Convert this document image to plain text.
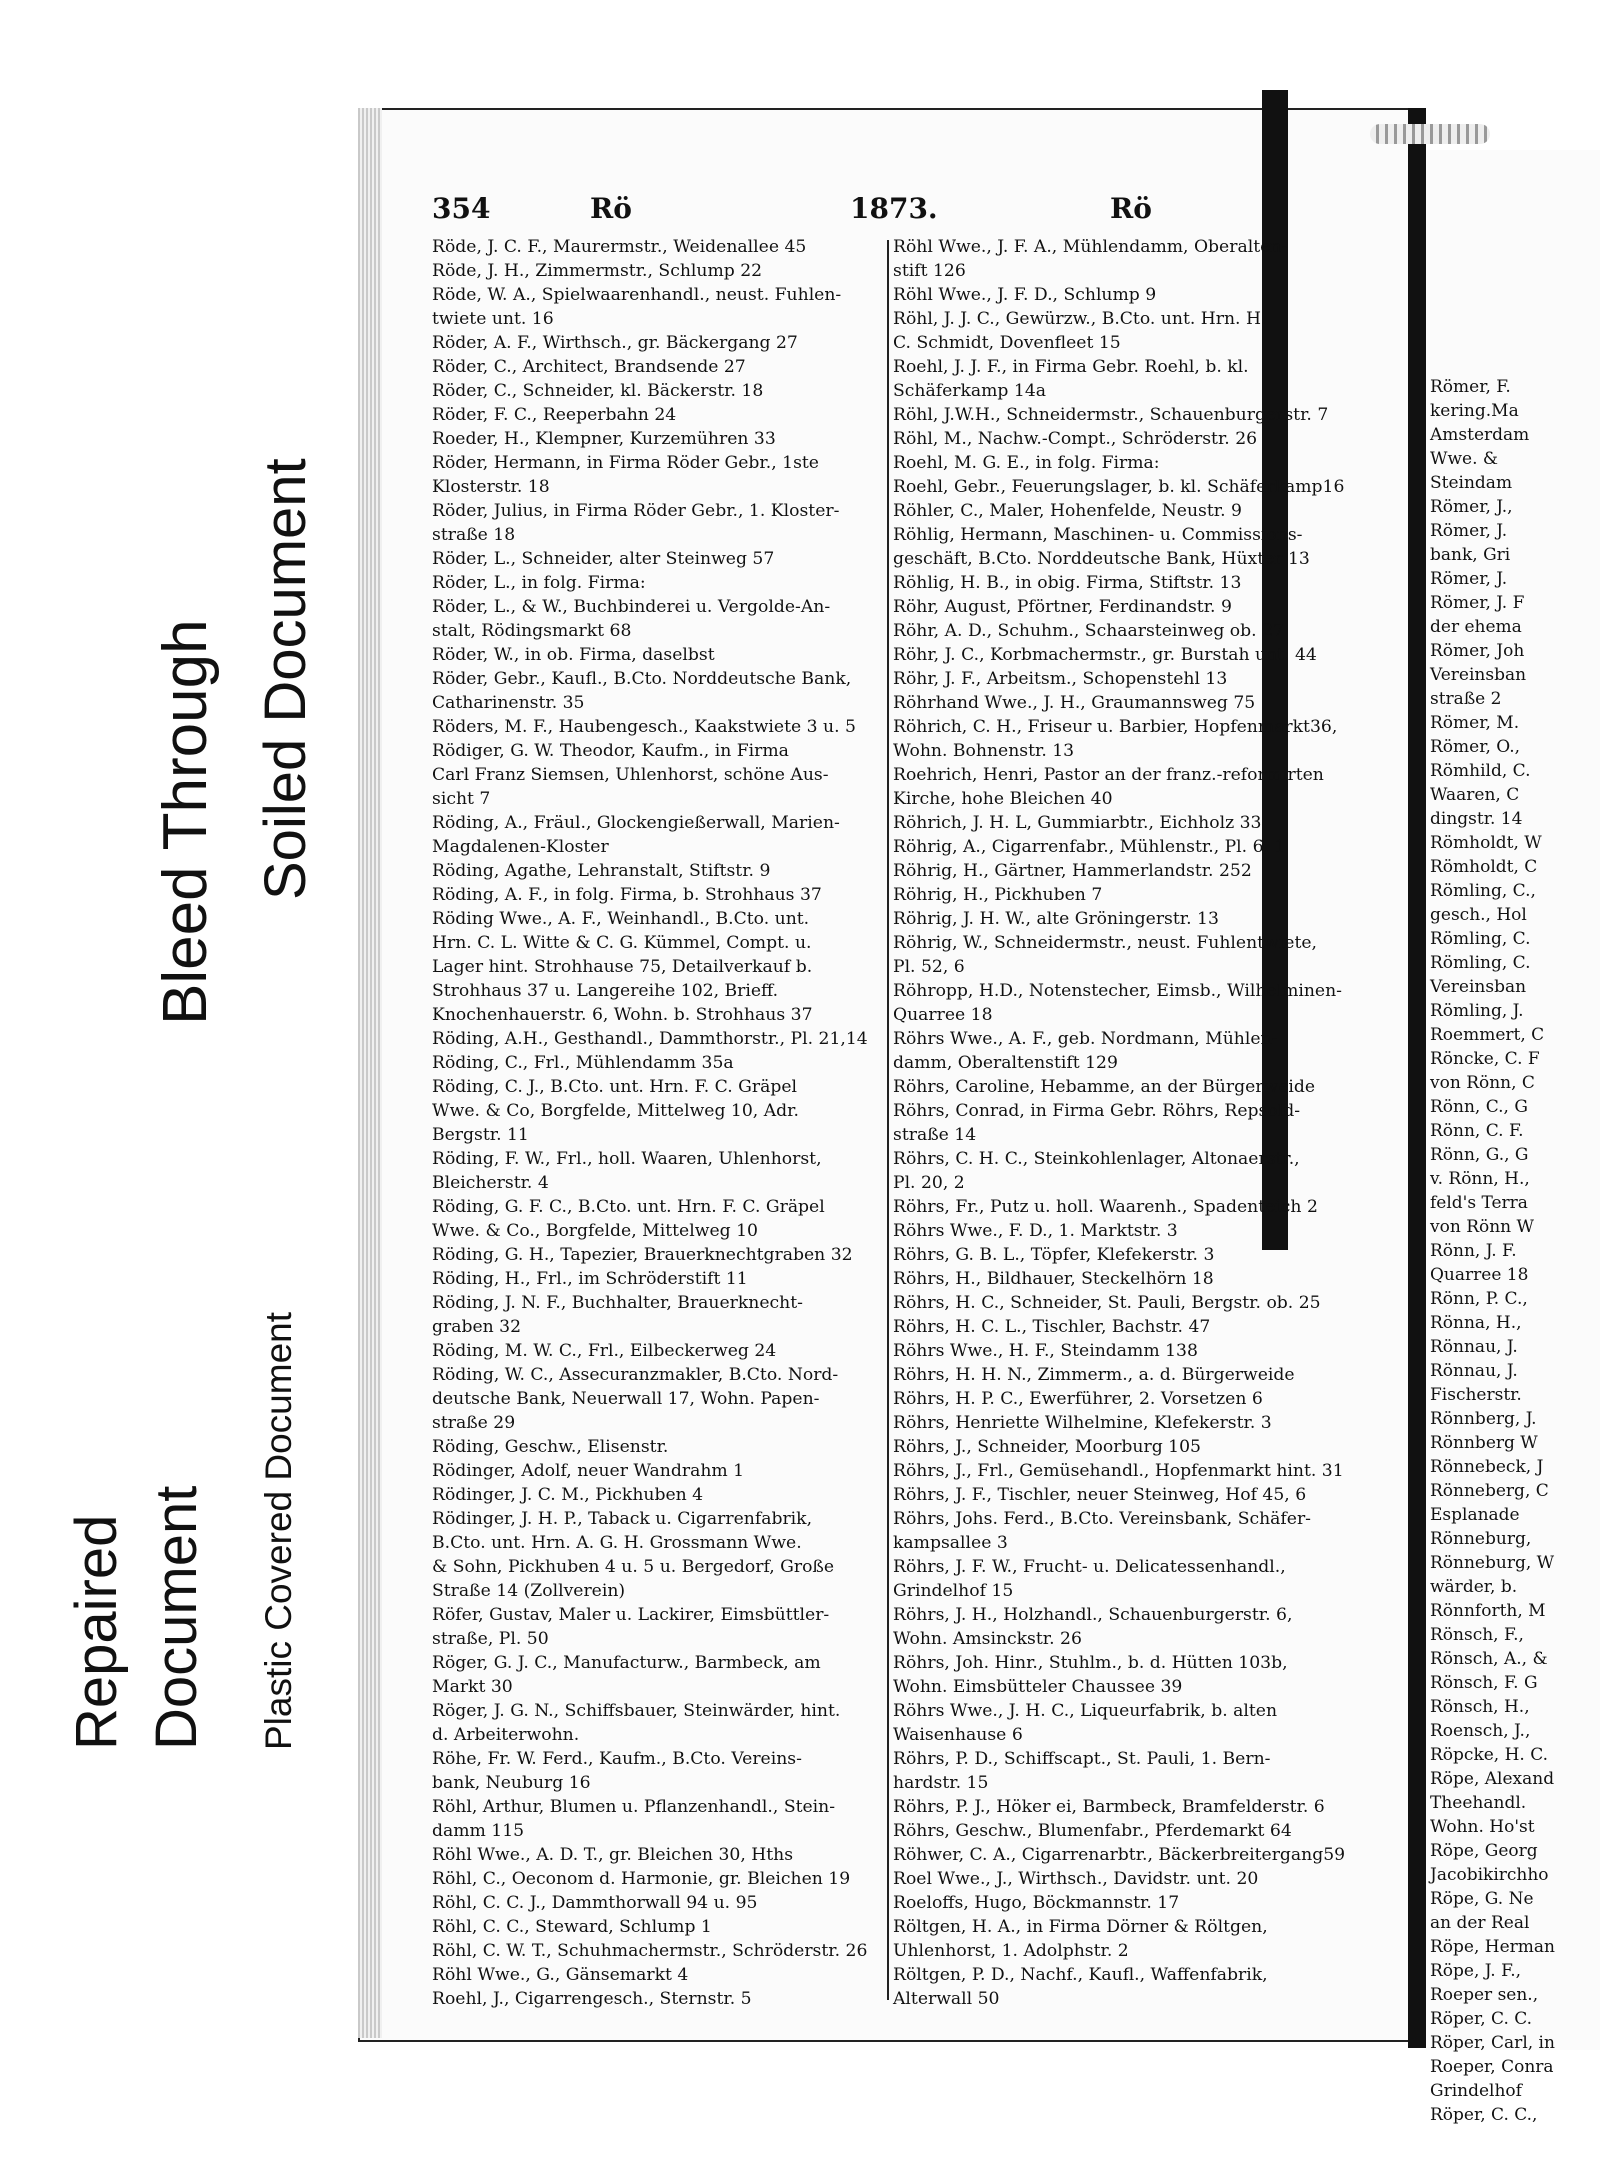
Römer, F.
kering.Ma
Amsterdam
Wwe. &
Steindam
Römer, J.,
Römer, J.
bank, Gri
Römer, J.
Römer, J. F
der ehema
Römer, Joh
Vereinsban
straße 2
Römer, M.
Römer, O.,
Römhild, C.
Waaren, C
dingstr. 14
Römholdt, W
Römholdt, C
Römling, C.,
gesch., Hol
Römling, C.
Römling, C.
Vereinsban
Römling, J.
Roemmert, C
Röncke, C. F
von Rönn, C
Rönn, C., G
Rönn, C. F.
Rönn, G., G
v. Rönn, H.,
feld's Terra
von Rönn W
Rönn, J. F.
Quarree 18
Rönn, P. C.,
Rönna, H.,
Rönnau, J.
Rönnau, J.
Fischerstr.
Rönnberg, J.
Rönnberg W
Rönnebeck, J
Rönneberg, C
Esplanade
Rönneburg,
Rönneburg, W
wärder, b.
Rönnforth, M
Rönsch, F.,
Rönsch, A., &
Rönsch, F. G
Rönsch, H.,
Roensch, J.,
Röpcke, H. C.
Röpe, Alexand
Theehandl.
Wohn. Ho'st
Röpe, Georg
Jacobikirchho
Röpe, G. Ne
an der Real
Röpe, Herman
Röpe, J. F.,
Roeper sen.,
Röper, C. C.
Röper, Carl, in
Roeper, Conra
Grindelhof
Röper, C. C.,
354	Rö	1873.	Rö
Röde, J. C. F., Maurermstr., Weidenallee 45
Röde, J. H., Zimmermstr., Schlump 22
Röde, W. A., Spielwaarenhandl., neust. Fuhlen-
twiete unt. 16
Röder, A. F., Wirthsch., gr. Bäckergang 27
Röder, C., Architect, Brandsende 27
Röder, C., Schneider, kl. Bäckerstr. 18
Röder, F. C., Reeperbahn 24
Roeder, H., Klempner, Kurzemühren 33
Röder, Hermann, in Firma Röder Gebr., 1ste
Klosterstr. 18
Röder, Julius, in Firma Röder Gebr., 1. Kloster-
straße 18
Röder, L., Schneider, alter Steinweg 57
Röder, L., in folg. Firma:
Röder, L., & W., Buchbinderei u. Vergolde-An-
stalt, Rödingsmarkt 68
Röder, W., in ob. Firma, daselbst
Röder, Gebr., Kaufl., B.Cto. Norddeutsche Bank,
Catharinenstr. 35
Röders, M. F., Haubengesch., Kaakstwiete 3 u. 5
Rödiger, G. W. Theodor, Kaufm., in Firma
Carl Franz Siemsen, Uhlenhorst, schöne Aus-
sicht 7
Röding, A., Fräul., Glockengießerwall, Marien-
Magdalenen-Kloster
Röding, Agathe, Lehranstalt, Stiftstr. 9
Röding, A. F., in folg. Firma, b. Strohhaus 37
Röding Wwe., A. F., Weinhandl., B.Cto. unt.
Hrn. C. L. Witte & C. G. Kümmel, Compt. u.
Lager hint. Strohhause 75, Detailverkauf b.
Strohhaus 37 u. Langereihe 102, Brieff.
Knochenhauerstr. 6, Wohn. b. Strohhaus 37
Röding, A.H., Gesthandl., Dammthorstr., Pl. 21,14
Röding, C., Frl., Mühlendamm 35a
Röding, C. J., B.Cto. unt. Hrn. F. C. Gräpel
Wwe. & Co, Borgfelde, Mittelweg 10, Adr.
Bergstr. 11
Röding, F. W., Frl., holl. Waaren, Uhlenhorst,
Bleicherstr. 4
Röding, G. F. C., B.Cto. unt. Hrn. F. C. Gräpel
Wwe. & Co., Borgfelde, Mittelweg 10
Röding, G. H., Tapezier, Brauerknechtgraben 32
Röding, H., Frl., im Schröderstift 11
Röding, J. N. F., Buchhalter, Brauerknecht-
graben 32
Röding, M. W. C., Frl., Eilbeckerweg 24
Röding, W. C., Assecuranzmakler, B.Cto. Nord-
deutsche Bank, Neuerwall 17, Wohn. Papen-
straße 29
Röding, Geschw., Elisenstr.
Rödinger, Adolf, neuer Wandrahm 1
Rödinger, J. C. M., Pickhuben 4
Rödinger, J. H. P., Taback u. Cigarrenfabrik,
B.Cto. unt. Hrn. A. G. H. Grossmann Wwe.
& Sohn, Pickhuben 4 u. 5 u. Bergedorf, Große
Straße 14 (Zollverein)
Röfer, Gustav, Maler u. Lackirer, Eimsbüttler-
straße, Pl. 50
Röger, G. J. C., Manufacturw., Barmbeck, am
Markt 30
Röger, J. G. N., Schiffsbauer, Steinwärder, hint.
d. Arbeiterwohn.
Röhe, Fr. W. Ferd., Kaufm., B.Cto. Vereins-
bank, Neuburg 16
Röhl, Arthur, Blumen u. Pflanzenhandl., Stein-
damm 115
Röhl Wwe., A. D. T., gr. Bleichen 30, Hths
Röhl, C., Oeconom d. Harmonie, gr. Bleichen 19
Röhl, C. C. J., Dammthorwall 94 u. 95
Röhl, C. C., Steward, Schlump 1
Röhl, C. W. T., Schuhmachermstr., Schröderstr. 26
Röhl Wwe., G., Gänsemarkt 4
Roehl, J., Cigarrengesch., Sternstr. 5
Röhl Wwe., J. F. A., Mühlendamm, Oberalten-
stift 126
Röhl Wwe., J. F. D., Schlump 9
Röhl, J. J. C., Gewürzw., B.Cto. unt. Hrn. H.
C. Schmidt, Dovenfleet 15
Roehl, J. J. F., in Firma Gebr. Roehl, b. kl.
Schäferkamp 14a
Röhl, J.W.H., Schneidermstr., Schauenburgerstr. 7
Röhl, M., Nachw.-Compt., Schröderstr. 26
Roehl, M. G. E., in folg. Firma:
Roehl, Gebr., Feuerungslager, b. kl. Schäferkamp16
Röhler, C., Maler, Hohenfelde, Neustr. 9
Röhlig, Hermann, Maschinen- u. Commissions-
geschäft, B.Cto. Norddeutsche Bank, Hüxter 13
Röhlig, H. B., in obig. Firma, Stiftstr. 13
Röhr, August, Pförtner, Ferdinandstr. 9
Röhr, A. D., Schuhm., Schaarsteinweg ob. 27
Röhr, J. C., Korbmachermstr., gr. Burstah unt. 44
Röhr, J. F., Arbeitsm., Schopenstehl 13
Röhrhand Wwe., J. H., Graumannsweg 75
Röhrich, C. H., Friseur u. Barbier, Hopfenmarkt36,
Wohn. Bohnenstr. 13
Roehrich, Henri, Pastor an der franz.-reformirten
Kirche, hohe Bleichen 40
Röhrich, J. H. L, Gummiarbtr., Eichholz 33
Röhrig, A., Cigarrenfabr., Mühlenstr., Pl. 6, 1
Röhrig, H., Gärtner, Hammerlandstr. 252
Röhrig, H., Pickhuben 7
Röhrig, J. H. W., alte Gröningerstr. 13
Röhrig, W., Schneidermstr., neust. Fuhlentwiete,
Pl. 52, 6
Röhropp, H.D., Notenstecher, Eimsb., Wilhelminen-
Quarree 18
Röhrs Wwe., A. F., geb. Nordmann, Mühlen-
damm, Oberaltenstift 129
Röhrs, Caroline, Hebamme, an der Bürgerweide
Röhrs, Conrad, in Firma Gebr. Röhrs, Repsold-
straße 14
Röhrs, C. H. C., Steinkohlenlager, Altonaerstr.,
Pl. 20, 2
Röhrs, Fr., Putz u. holl. Waarenh., Spadenteich 2
Röhrs Wwe., F. D., 1. Marktstr. 3
Röhrs, G. B. L., Töpfer, Klefekerstr. 3
Röhrs, H., Bildhauer, Steckelhörn 18
Röhrs, H. C., Schneider, St. Pauli, Bergstr. ob. 25
Röhrs, H. C. L., Tischler, Bachstr. 47
Röhrs Wwe., H. F., Steindamm 138
Röhrs, H. H. N., Zimmerm., a. d. Bürgerweide
Röhrs, H. P. C., Ewerführer, 2. Vorsetzen 6
Röhrs, Henriette Wilhelmine, Klefekerstr. 3
Röhrs, J., Schneider, Moorburg 105
Röhrs, J., Frl., Gemüsehandl., Hopfenmarkt hint. 31
Röhrs, J. F., Tischler, neuer Steinweg, Hof 45, 6
Röhrs, Johs. Ferd., B.Cto. Vereinsbank, Schäfer-
kampsallee 3
Röhrs, J. F. W., Frucht- u. Delicatessenhandl.,
Grindelhof 15
Röhrs, J. H., Holzhandl., Schauenburgerstr. 6,
Wohn. Amsinckstr. 26
Röhrs, Joh. Hinr., Stuhlm., b. d. Hütten 103b,
Wohn. Eimsbütteler Chaussee 39
Röhrs Wwe., J. H. C., Liqueurfabrik, b. alten
Waisenhause 6
Röhrs, P. D., Schiffscapt., St. Pauli, 1. Bern-
hardstr. 15
Röhrs, P. J., Höker ei, Barmbeck, Bramfelderstr. 6
Röhrs, Geschw., Blumenfabr., Pferdemarkt 64
Röhwer, C. A., Cigarrenarbtr., Bäckerbreitergang59
Roel Wwe., J., Wirthsch., Davidstr. unt. 20
Roeloffs, Hugo, Böckmannstr. 17
Röltgen, H. A., in Firma Dörner & Röltgen,
Uhlenhorst, 1. Adolphstr. 2
Röltgen, P. D., Nachf., Kaufl., Waffenfabrik,
Alterwall 50
Bleed Through Soiled Document
Repaired Document Plastic Covered Document
